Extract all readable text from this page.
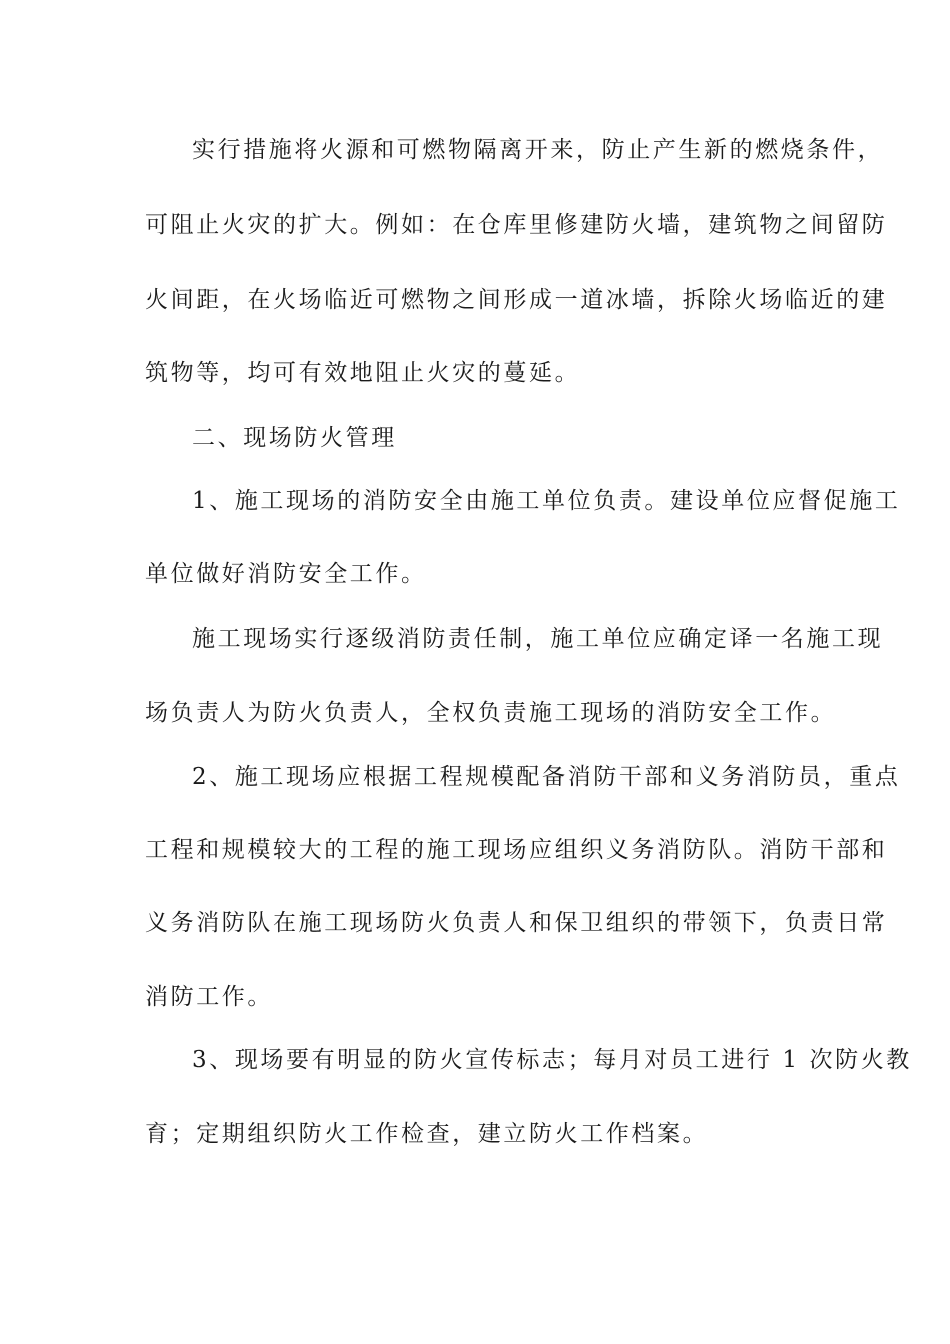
实行措施将火源和可燃物隔离开来，防止产生新的燃烧条件，
可阻止火灾的扩大。例如：在仓库里修建防火墙，建筑物之间留防
火间距，在火场临近可燃物之间形成一道冰墙，拆除火场临近的建
筑物等，均可有效地阻止火灾的蔓延。
二、现场防火管理
1、施工现场的消防安全由施工单位负责。建设单位应督促施工
单位做好消防安全工作。
施工现场实行逐级消防责任制，施工单位应确定译一名施工现
场负责人为防火负责人，全权负责施工现场的消防安全工作。
2、施工现场应根据工程规模配备消防干部和义务消防员，重点
工程和规模较大的工程的施工现场应组织义务消防队。消防干部和
义务消防队在施工现场防火负责人和保卫组织的带领下，负责日常
消防工作。
3、现场要有明显的防火宣传标志；每月对员工进行 1 次防火教
育；定期组织防火工作检查，建立防火工作档案。
